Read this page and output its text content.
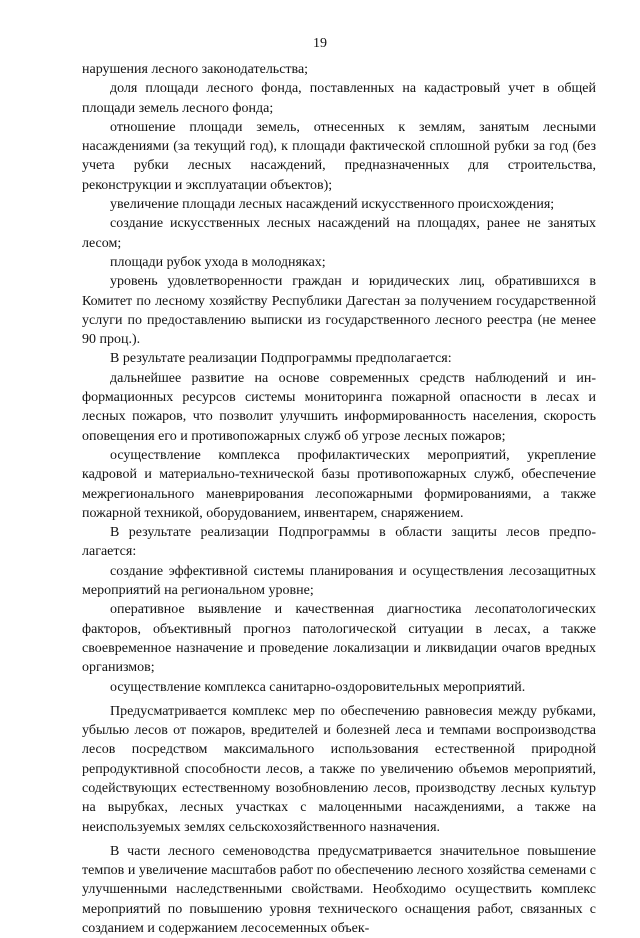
19

нарушения лесного законодательства;

доля площади лесного фонда, поставленных на кадастровый учет в общей площади земель лесного фонда;

отношение площади земель, отнесенных к землям, занятым лесными насаждениями (за текущий год), к площади фактической сплошной рубки за год (без учета рубки лесных насаждений, предназначенных для строительства, реконструкции и эксплуатации объектов);

увеличение площади лесных насаждений искусственного происхождения;

создание искусственных лесных насаждений на площадях, ранее не занятых лесом;

площади рубок ухода в молодняках;

уровень удовлетворенности граждан и юридических лиц, обратившихся в Комитет по лесному хозяйству Республики Дагестан за получением государственной услуги по предоставлению выписки из государственного лесного реестра (не менее 90 проц.).

В результате реализации Подпрограммы предполагается:

дальнейшее развитие на основе современных средств наблюдений и информационных ресурсов системы мониторинга пожарной опасности в лесах и лесных пожаров, что позволит улучшить информированность населения, скорость оповещения его и противопожарных служб об угрозе лесных пожаров;

осуществление комплекса профилактических мероприятий, укрепление кадровой и материально-технической базы противопожарных служб, обеспечение межрегионального маневрирования лесопожарными формированиями, а также пожарной техникой, оборудованием, инвентарем, снаряжением.

В результате реализации Подпрограммы в области защиты лесов предполагается:

создание эффективной системы планирования и осуществления лесозащитных мероприятий на региональном уровне;

оперативное выявление и качественная диагностика лесопатологических факторов, объективный прогноз патологической ситуации в лесах, а также своевременное назначение и проведение локализации и ликвидации очагов вредных организмов;

осуществление комплекса санитарно-оздоровительных мероприятий.

Предусматривается комплекс мер по обеспечению равновесия между рубками, убылью лесов от пожаров, вредителей и болезней леса и темпами воспроизводства лесов посредством максимального использования естественной природной репродуктивной способности лесов, а также по увеличению объемов мероприятий, содействующих естественному возобновлению лесов, производству лесных культур на вырубках, лесных участках с малоценными насаждениями, а также на неиспользуемых землях сельскохозяйственного назначения.

В части лесного семеноводства предусматривается значительное повышение темпов и увеличение масштабов работ по обеспечению лесного хозяйства семенами с улучшенными наследственными свойствами. Необходимо осуществить комплекс мероприятий по повышению уровня технического оснащения работ, связанных с созданием и содержанием лесосеменных объек-
